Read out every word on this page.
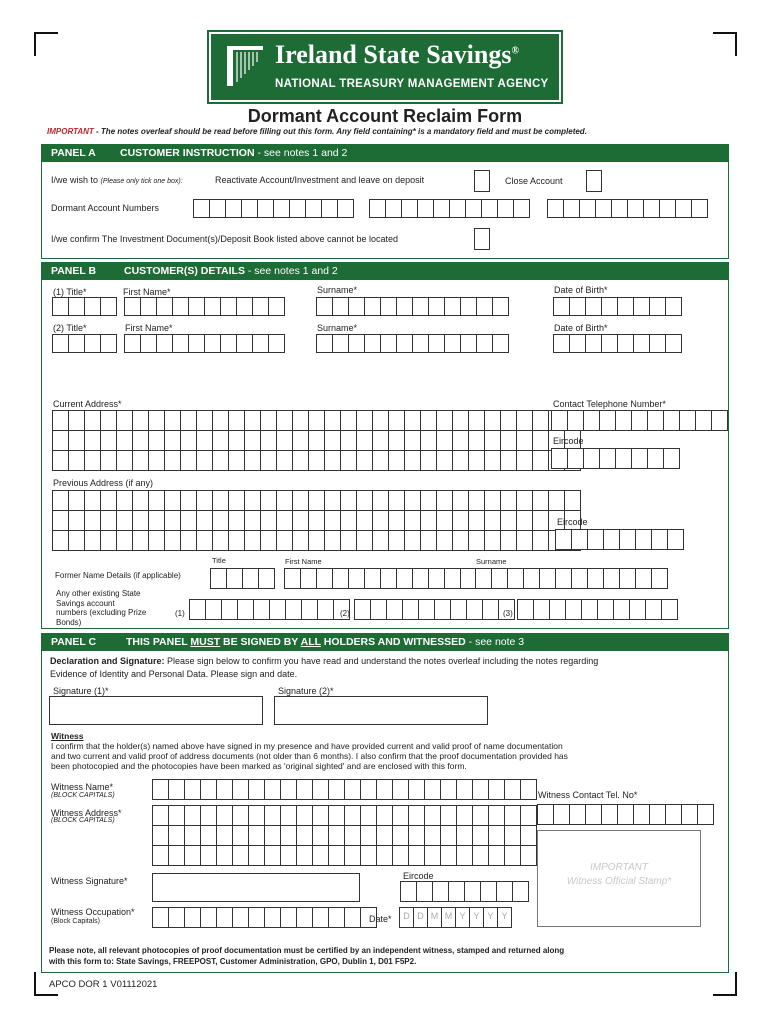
Ireland State Savings®
NATIONAL TREASURY MANAGEMENT AGENCY
Dormant Account Reclaim Form
IMPORTANT - The notes overleaf should be read before filling out this form. Any field containing* is a mandatory field and must be completed.
PANEL A CUSTOMER INSTRUCTION - see notes 1 and 2
I/we wish to (Please only tick one box):	Reactivate Account/Investment and leave on deposit	Close Account
Dormant Account Numbers
I/we confirm The Investment Document(s)/Deposit Book listed above cannot be located
PANEL B	CUSTOMER(S) DETAILS - see notes 1 and 2
(1) Title*	First Name*	Surname*	Date of Birth*
(2) Title*	First Name*	Surname*	Date of Birth*
Current Address*	Contact Telephone Number*
Eircode
Previous Address (if any)
Eircode
Title	First Name	Surname
Former Name Details (if applicable)
Any other existing State
Savings account
numbers (excluding Prize
Bonds)
(1)	(2)	(3)
PANEL C	THIS PANEL MUST BE SIGNED BY ALL HOLDERS AND WITNESSED - see note 3
Declaration and Signature: Please sign below to confirm you have read and understand the notes overleaf including the notes regarding
Evidence of Identity and Personal Data. Please sign and date.
Signature (1)*	Signature (2)*
Witness
I confirm that the holder(s) named above have signed in my presence and have provided current and valid proof of name documentation
and two current and valid proof of address documents (not older than 6 months). I also confirm that the proof documentation provided has
been photocopied and the photocopies have been marked as 'original sighted' and are enclosed with this form.
Witness Name*
(BLOCK CAPITALS)	Witness Contact Tel. No*
Witness Address*
(BLOCK CAPITALS)
Witness Signature*	Eircode
IMPORTANT
Witness Official Stamp*
Witness Occupation*
(Block Capitals)	Date*	D D M M Y Y Y Y
Please note, all relevant photocopies of proof documentation must be certified by an independent witness, stamped and returned along
with this form to: State Savings, FREEPOST, Customer Administration, GPO, Dublin 1, D01 F5P2.
APCO DOR 1 V01112021
